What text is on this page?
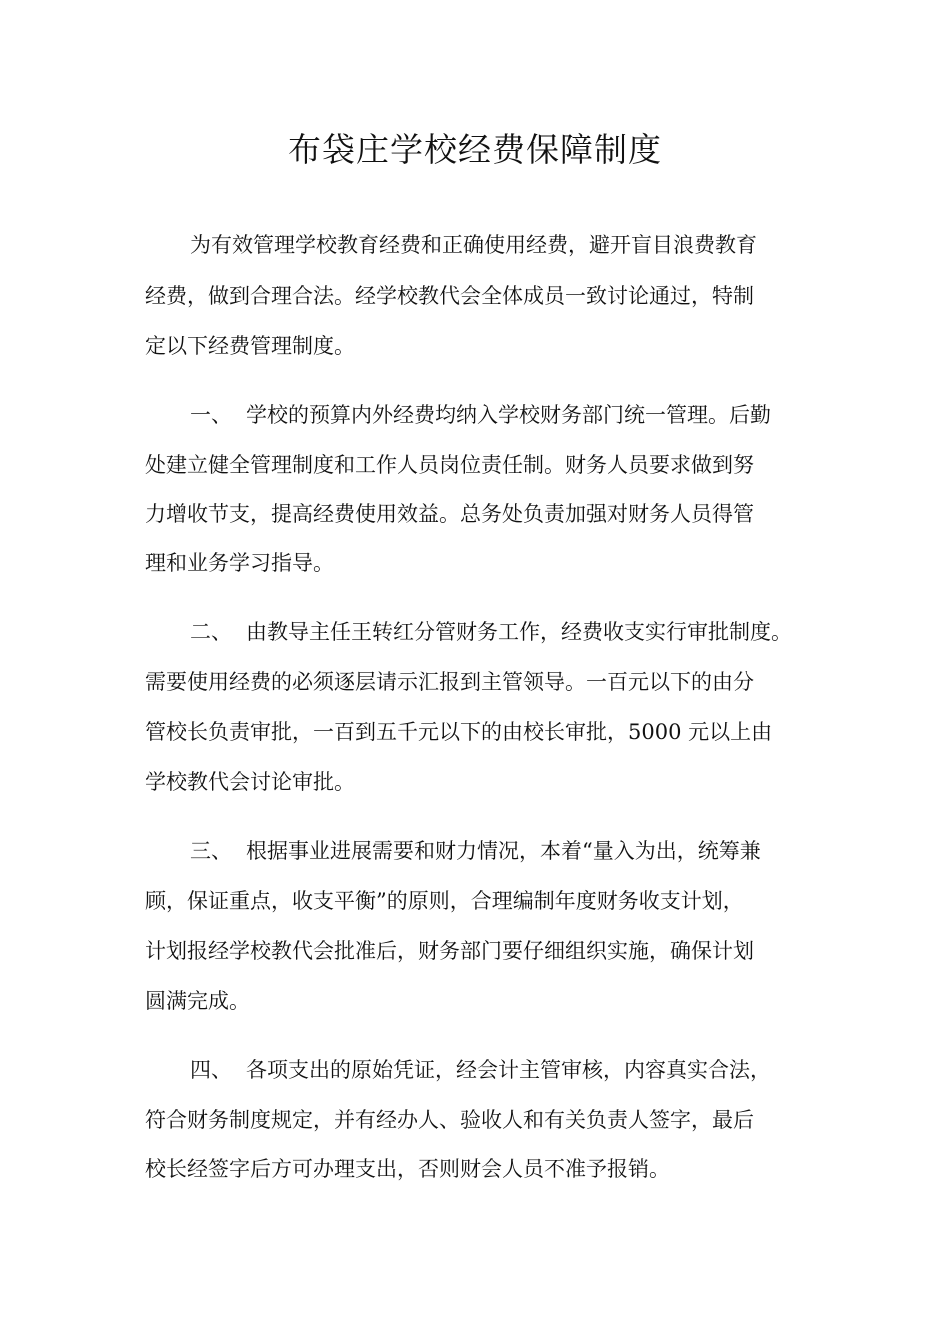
布袋庄学校经费保障制度
为有效管理学校教育经费和正确使用经费，避开盲目浪费教育
经费，做到合理合法。经学校教代会全体成员一致讨论通过，特制
定以下经费管理制度。
一、 学校的预算内外经费均纳入学校财务部门统一管理。后勤
处建立健全管理制度和工作人员岗位责任制。财务人员要求做到努
力增收节支，提高经费使用效益。总务处负责加强对财务人员得管
理和业务学习指导。
二、 由教导主任王转红分管财务工作，经费收支实行审批制度。
需要使用经费的必须逐层请示汇报到主管领导。一百元以下的由分
管校长负责审批，一百到五千元以下的由校长审批，5000 元以上由
学校教代会讨论审批。
三、 根据事业进展需要和财力情况，本着“量入为出，统筹兼
顾，保证重点，收支平衡”的原则，合理编制年度财务收支计划，
计划报经学校教代会批准后，财务部门要仔细组织实施，确保计划
圆满完成。
四、 各项支出的原始凭证，经会计主管审核，内容真实合法，
符合财务制度规定，并有经办人、验收人和有关负责人签字，最后
校长经签字后方可办理支出，否则财会人员不准予报销。
